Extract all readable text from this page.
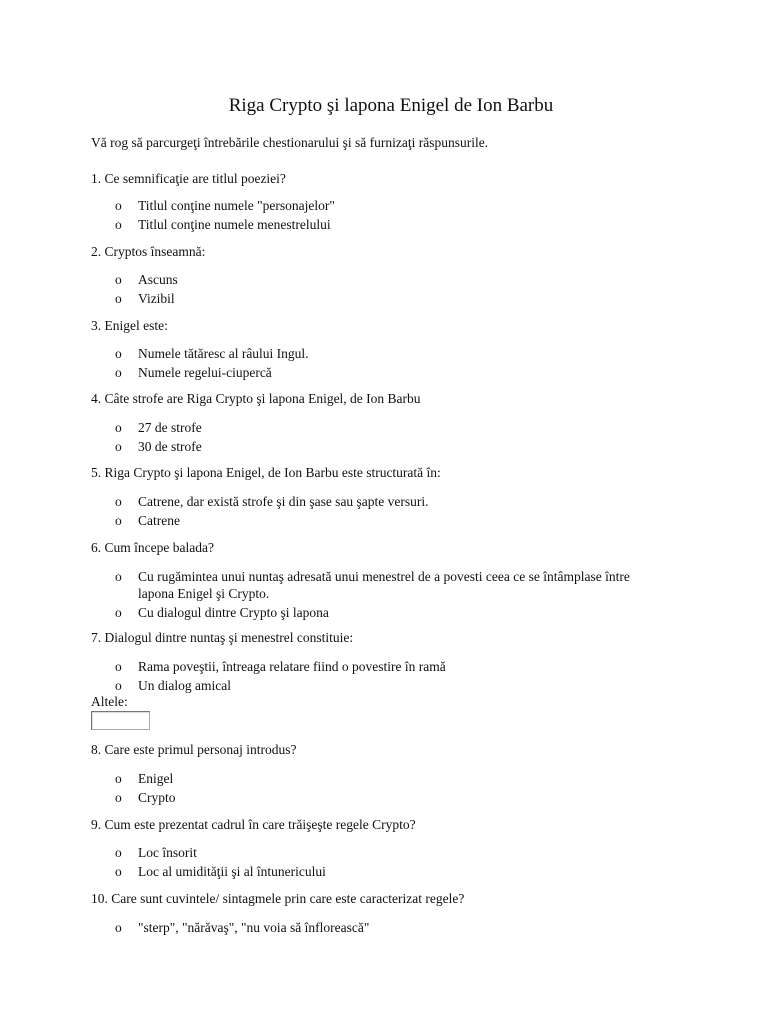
Riga Crypto şi lapona Enigel de Ion Barbu

Vă rog să parcurgeţi întrebările chestionarului şi să furnizaţi răspunsurile.

1. Ce semnificaţie are titlul poeziei?

o Titlul conţine numele "personajelor"
o Titlul conţine numele menestrelului

2. Cryptos înseamnă:

o Ascuns
o Vizibil

3. Enigel este:

o Numele tătăresc al râului Ingul.
o Numele regelui-ciupercă

4. Câte strofe are Riga Crypto şi lapona Enigel, de Ion Barbu

o 27 de strofe
o 30 de strofe

5. Riga Crypto şi lapona Enigel, de Ion Barbu este structurată în:

o Catrene, dar există strofe şi din şase sau şapte versuri.
o Catrene

6. Cum începe balada?

o Cu rugămintea unui nuntaş adresată unui menestrel de a povesti ceea ce se întâmplase între lapona Enigel şi Crypto.
o Cu dialogul dintre Crypto şi lapona

7. Dialogul dintre nuntaş şi menestrel constituie:

o Rama poveştii, întreaga relatare fiind o povestire în ramă
o Un dialog amical
Altele:

8. Care este primul personaj introdus?

o Enigel
o Crypto

9. Cum este prezentat cadrul în care trăişeşte regele Crypto?

o Loc însorit
o Loc al umidităţii şi al întunericului

10. Care sunt cuvintele/ sintagmele prin care este caracterizat regele?

o "sterp", "nărăvaş", "nu voia să înflorească"
